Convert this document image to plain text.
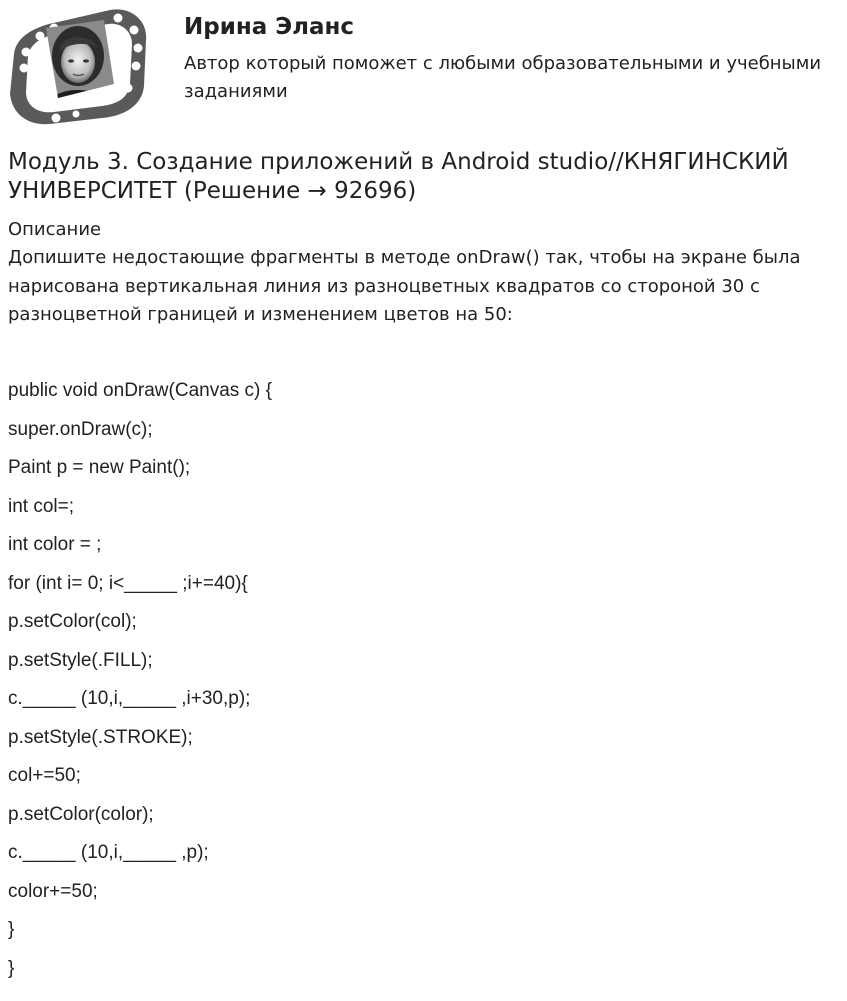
Ирина Эланс
Автор который поможет с любыми образовательными и учебными заданиями
Модуль 3. Создание приложений в Android studio//КНЯГИНСКИЙ УНИВЕРСИТЕТ (Решение → 92696)
Описание
Допишите недостающие фрагменты в методе onDraw() так, чтобы на экране была нарисована вертикальная линия из разноцветных квадратов со стороной 30 с разноцветной границей и изменением цветов на 50:
public void onDraw(Canvas c) {
super.onDraw(c);
Paint p = new Paint();
int col=;
int color = ;
for (int i= 0; i<_____ ;i+=40){
p.setColor(col);
p.setStyle(.FILL);
c._____ (10,i,_____ ,i+30,p);
p.setStyle(.STROKE);
col+=50;
p.setColor(color);
c._____ (10,i,_____ ,p);
color+=50;
}
}
